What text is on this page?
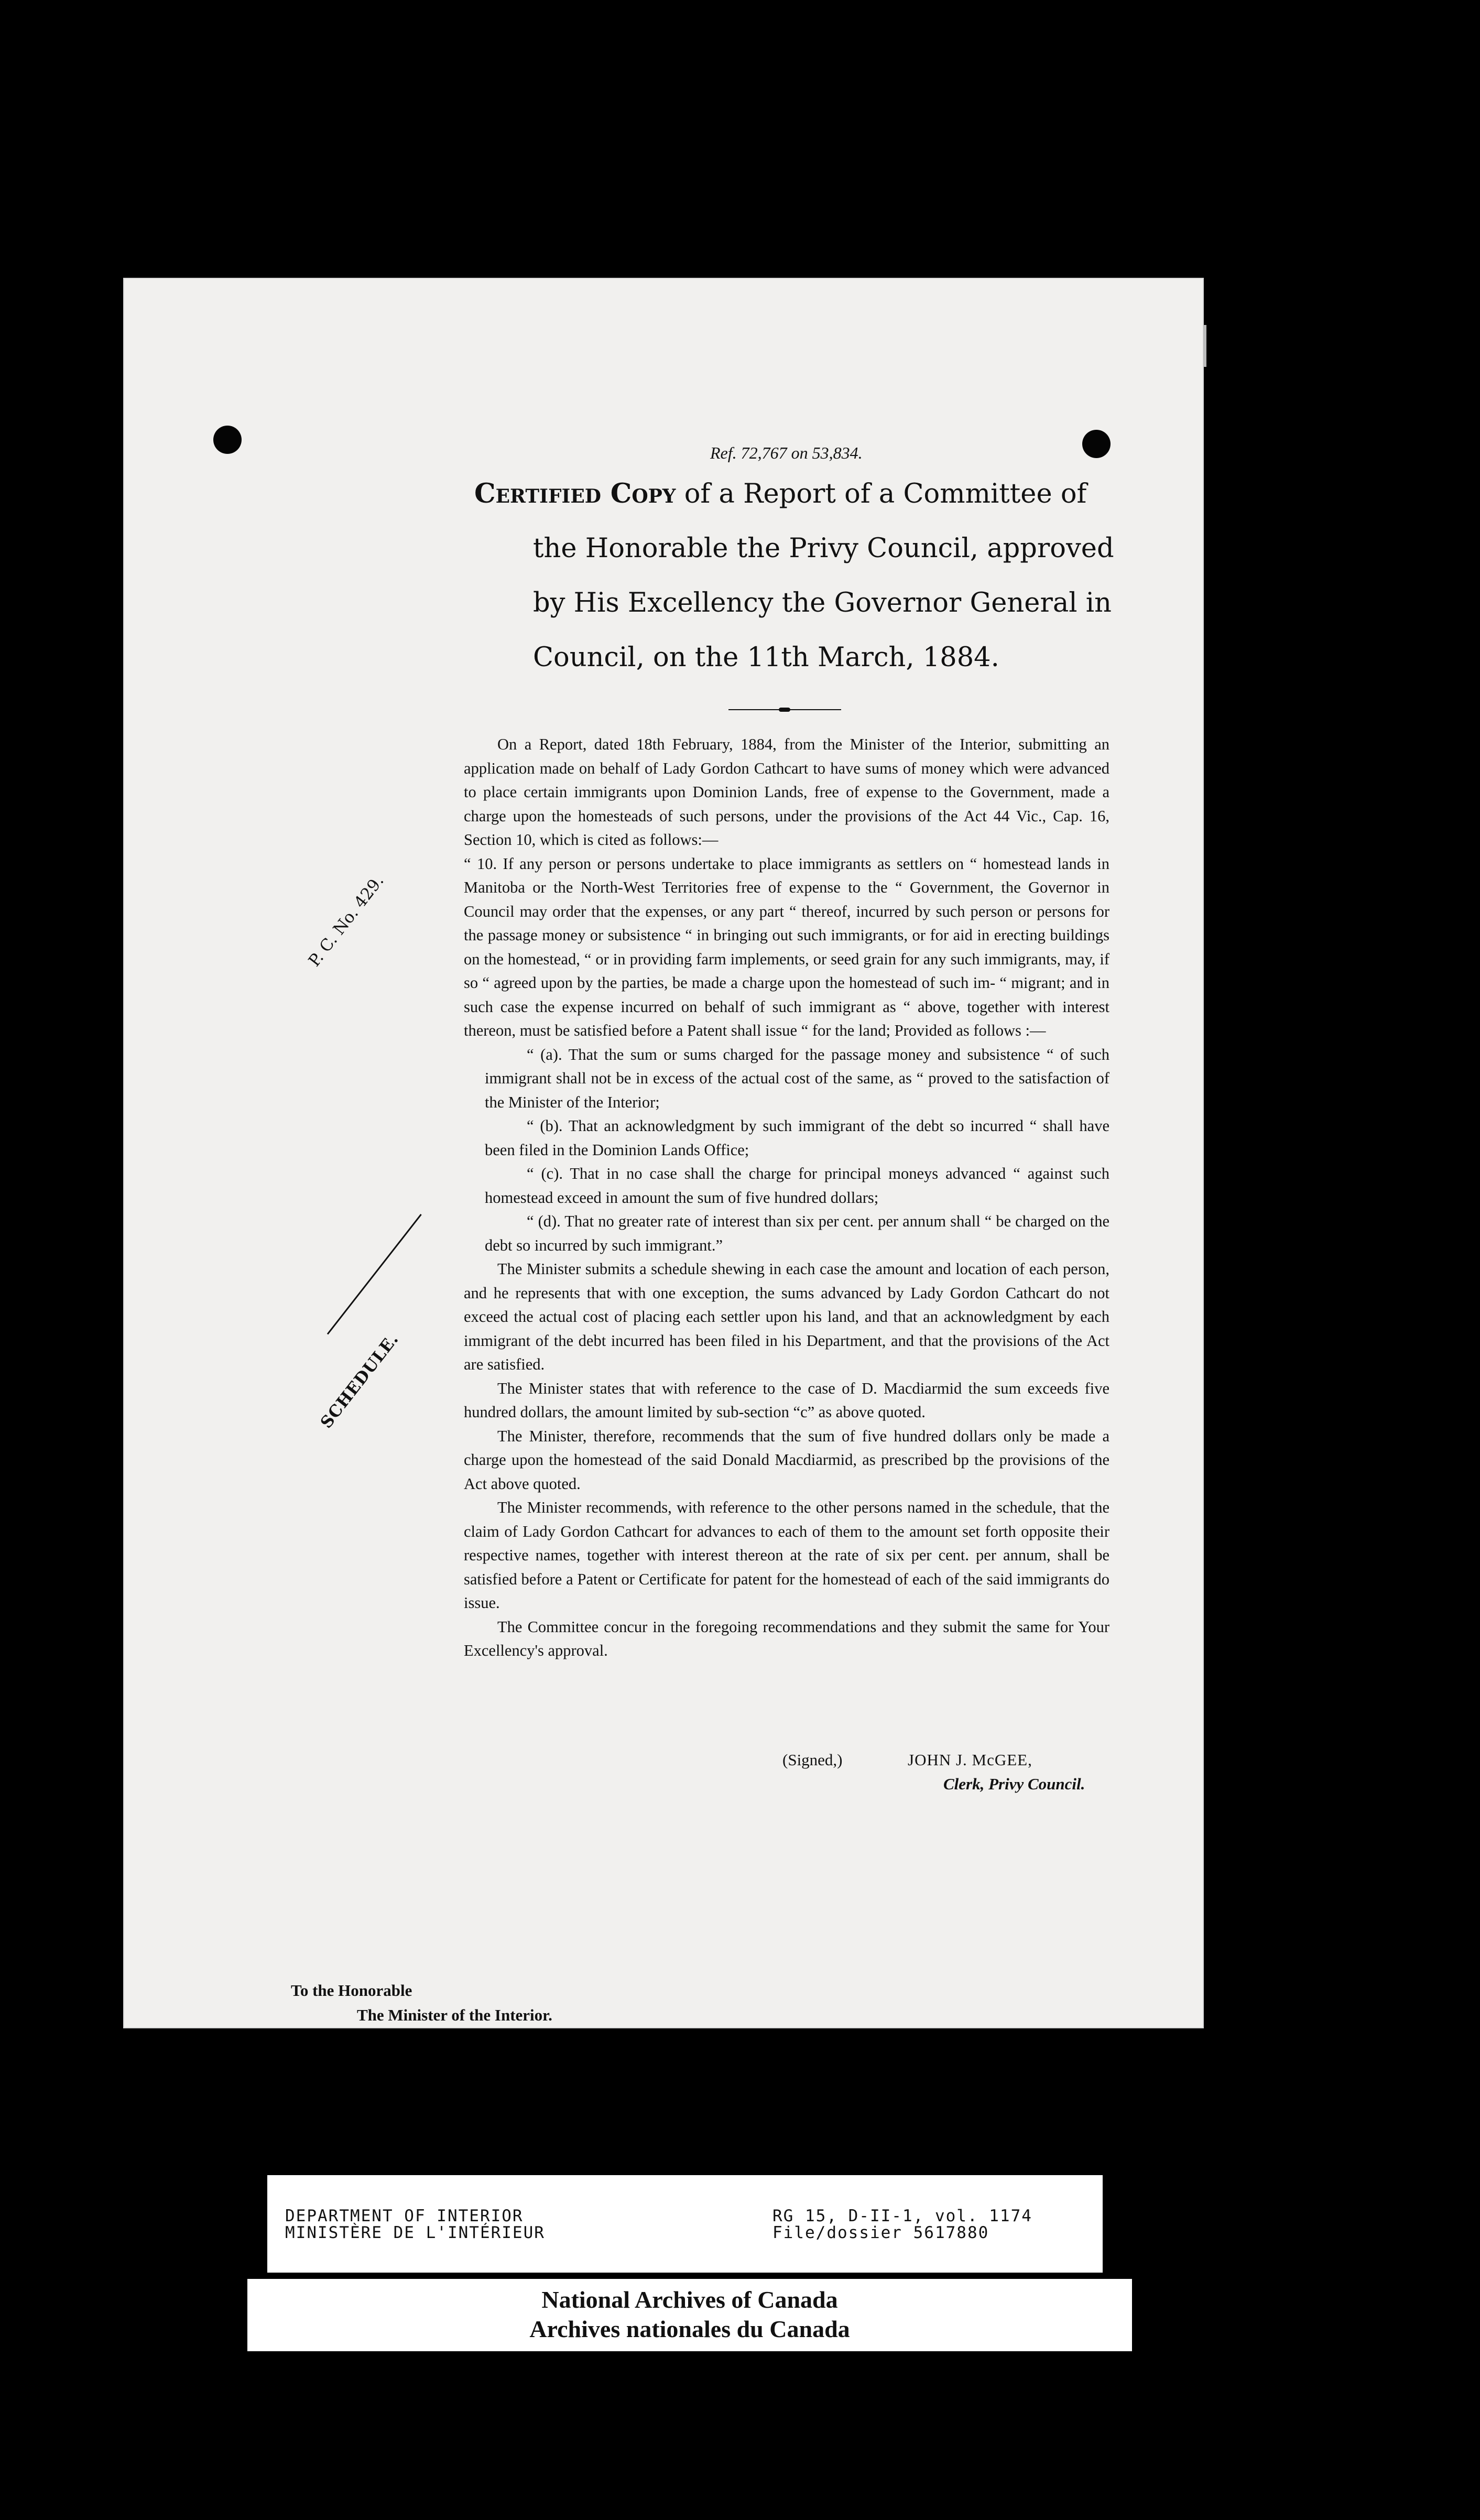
Ref. 72,767 on 53,834.
Certified Copy of a Report of a Committee of
the Honorable the Privy Council, approved
by His Excellency the Governor General in
Council, on the 11th March, 1884.
P. C. No. 429.
SCHEDULE.

On a Report, dated 18th February, 1884, from the Minister of the Interior, submitting an application made on behalf of Lady Gordon Cathcart to have sums of money which were advanced to place certain immigrants upon Dominion Lands, free of expense to the Government, made a charge upon the homesteads of such persons, under the provisions of the Act 44 Vic., Cap. 16, Section 10, which is cited as follows:—

“ 10. If any person or persons undertake to place immigrants as settlers on “ homestead lands in Manitoba or the North-West Territories free of expense to the “ Government, the Governor in Council may order that the expenses, or any part “ thereof, incurred by such person or persons for the passage money or subsistence “ in bringing out such immigrants, or for aid in erecting buildings on the homestead, “ or in providing farm implements, or seed grain for any such immigrants, may, if so “ agreed upon by the parties, be made a charge upon the homestead of such im- “ migrant; and in such case the expense incurred on behalf of such immigrant as “ above, together with interest thereon, must be satisfied before a Patent shall issue “ for the land; Provided as follows :—

“ (a). That the sum or sums charged for the passage money and subsistence “ of such immigrant shall not be in excess of the actual cost of the same, as “ proved to the satisfaction of the Minister of the Interior;

“ (b). That an acknowledgment by such immigrant of the debt so incurred “ shall have been filed in the Dominion Lands Office;

“ (c). That in no case shall the charge for principal moneys advanced “ against such homestead exceed in amount the sum of five hundred dollars;

“ (d). That no greater rate of interest than six per cent. per annum shall “ be charged on the debt so incurred by such immigrant.”

The Minister submits a schedule shewing in each case the amount and location of each person, and he represents that with one exception, the sums advanced by Lady Gordon Cathcart do not exceed the actual cost of placing each settler upon his land, and that an acknowledgment by each immigrant of the debt incurred has been filed in his Department, and that the provisions of the Act are satisfied.

The Minister states that with reference to the case of D. Macdiarmid the sum exceeds five hundred dollars, the amount limited by sub-section “c” as above quoted.

The Minister, therefore, recommends that the sum of five hundred dollars only be made a charge upon the homestead of the said Donald Macdiarmid, as prescribed bp the provisions of the Act above quoted.

The Minister recommends, with reference to the other persons named in the schedule, that the claim of Lady Gordon Cathcart for advances to each of them to the amount set forth opposite their respective names, together with interest thereon at the rate of six per cent. per annum, shall be satisfied before a Patent or Certificate for patent for the homestead of each of the said immigrants do issue.

The Committee concur in the foregoing recommendations and they submit the same for Your Excellency's approval.

(Signed,)	JOHN J. McGEE,
Clerk, Privy Council.
To the Honorable
The Minister of the Interior.
DEPARTMENT OF INTERIOR
MINISTÈRE DE L'INTÉRIEUR
RG 15, D-II-1, vol. 1174
File/dossier 5617880
National Archives of Canada
Archives nationales du Canada
